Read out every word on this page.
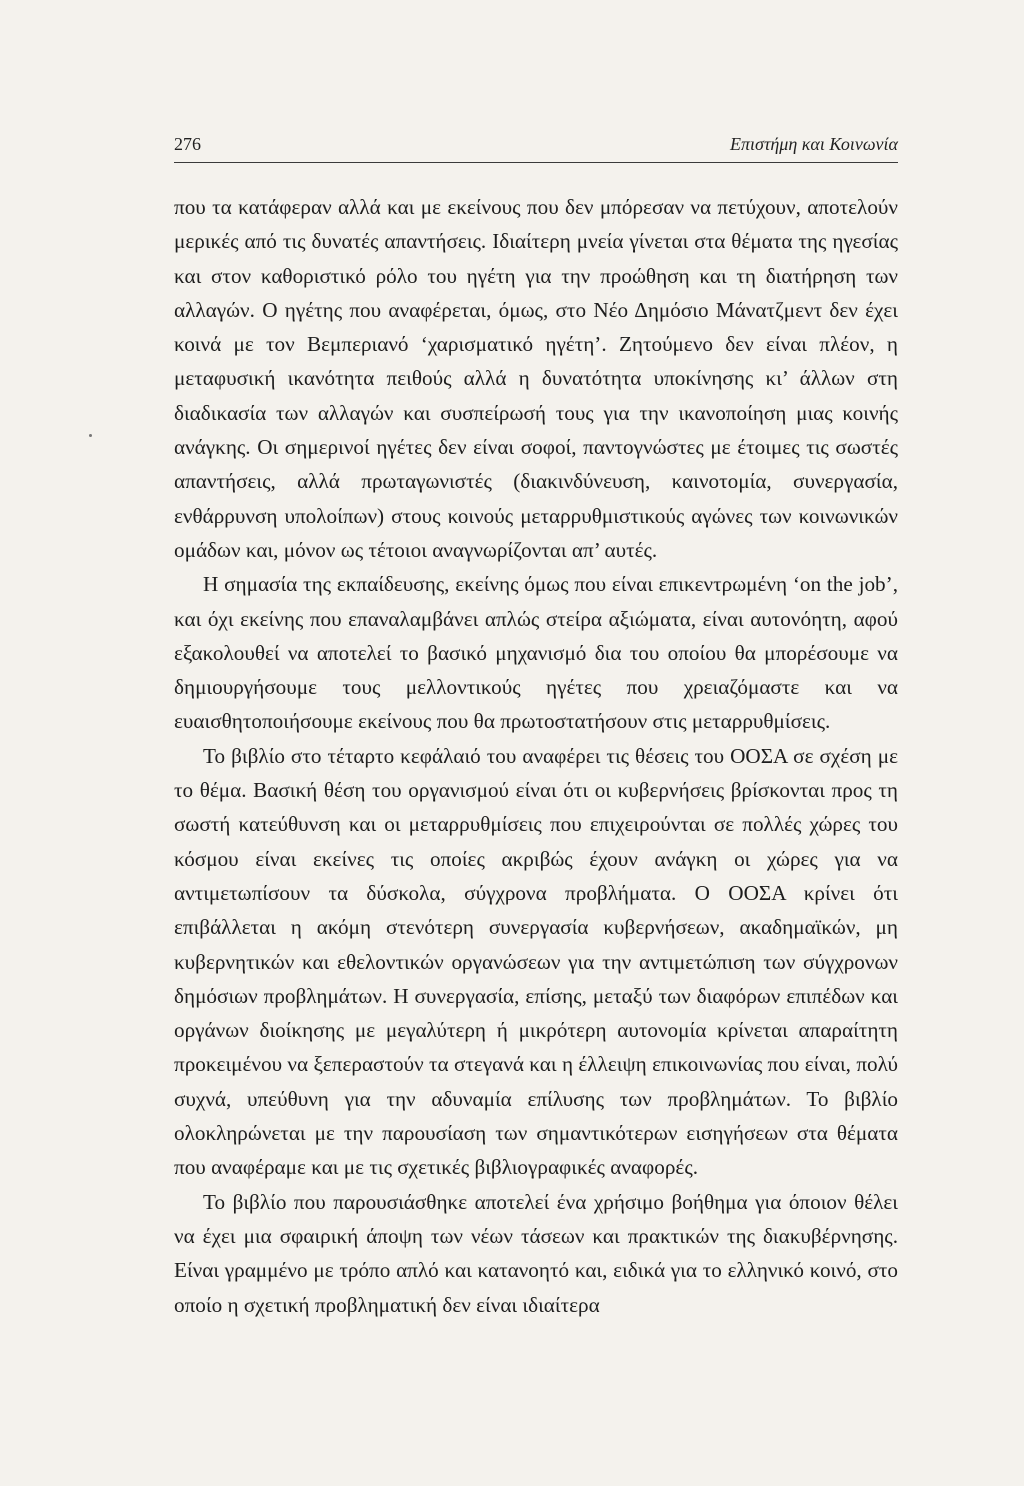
276	Επιστήμη και Κοινωνία

που τα κατάφεραν αλλά και με εκείνους που δεν μπόρεσαν να πετύχουν, αποτελούν μερικές από τις δυνατές απαντήσεις. Ιδιαίτερη μνεία γίνεται στα θέματα της ηγεσίας και στον καθοριστικό ρόλο του ηγέτη για την προώθηση και τη διατήρηση των αλλαγών. Ο ηγέτης που αναφέρεται, όμως, στο Νέο Δημόσιο Μάνατζμεντ δεν έχει κοινά με τον Βεμπεριανό ‘χαρισματικό ηγέτη’. Ζητούμενο δεν είναι πλέον, η μεταφυσική ικανότητα πειθούς αλλά η δυνατότητα υποκίνησης κι’ άλλων στη διαδικασία των αλλαγών και συσπείρωσή τους για την ικανοποίηση μιας κοινής ανάγκης. Οι σημερινοί ηγέτες δεν είναι σοφοί, παντογνώστες με έτοιμες τις σωστές απαντήσεις, αλλά πρωταγωνιστές (διακινδύνευση, καινοτομία, συνεργασία, ενθάρρυνση υπολοίπων) στους κοινούς μεταρρυθμιστικούς αγώνες των κοινωνικών ομάδων και, μόνον ως τέτοιοι αναγνωρίζονται απ’ αυτές.

Η σημασία της εκπαίδευσης, εκείνης όμως που είναι επικεντρωμένη ‘on the job’, και όχι εκείνης που επαναλαμβάνει απλώς στείρα αξιώματα, είναι αυτονόητη, αφού εξακολουθεί να αποτελεί το βασικό μηχανισμό δια του οποίου θα μπορέσουμε να δημιουργήσουμε τους μελλοντικούς ηγέτες που χρειαζόμαστε και να ευαισθητοποιήσουμε εκείνους που θα πρωτοστατήσουν στις μεταρρυθμίσεις.

Το βιβλίο στο τέταρτο κεφάλαιό του αναφέρει τις θέσεις του ΟΟΣΑ σε σχέση με το θέμα. Βασική θέση του οργανισμού είναι ότι οι κυβερνήσεις βρίσκονται προς τη σωστή κατεύθυνση και οι μεταρρυθμίσεις που επιχειρούνται σε πολλές χώρες του κόσμου είναι εκείνες τις οποίες ακριβώς έχουν ανάγκη οι χώρες για να αντιμετωπίσουν τα δύσκολα, σύγχρονα προβλήματα. Ο ΟΟΣΑ κρίνει ότι επιβάλλεται η ακόμη στενότερη συνεργασία κυβερνήσεων, ακαδημαϊκών, μη κυβερνητικών και εθελοντικών οργανώσεων για την αντιμετώπιση των σύγχρονων δημόσιων προβλημάτων. Η συνεργασία, επίσης, μεταξύ των διαφόρων επιπέδων και οργάνων διοίκησης με μεγαλύτερη ή μικρότερη αυτονομία κρίνεται απαραίτητη προκειμένου να ξεπεραστούν τα στεγανά και η έλλειψη επικοινωνίας που είναι, πολύ συχνά, υπεύθυνη για την αδυναμία επίλυσης των προβλημάτων. Το βιβλίο ολοκληρώνεται με την παρουσίαση των σημαντικότερων εισηγήσεων στα θέματα που αναφέραμε και με τις σχετικές βιβλιογραφικές αναφορές.

Το βιβλίο που παρουσιάσθηκε αποτελεί ένα χρήσιμο βοήθημα για όποιον θέλει να έχει μια σφαιρική άποψη των νέων τάσεων και πρακτικών της διακυβέρνησης. Είναι γραμμένο με τρόπο απλό και κατανοητό και, ειδικά για το ελληνικό κοινό, στο οποίο η σχετική προβληματική δεν είναι ιδιαίτερα
